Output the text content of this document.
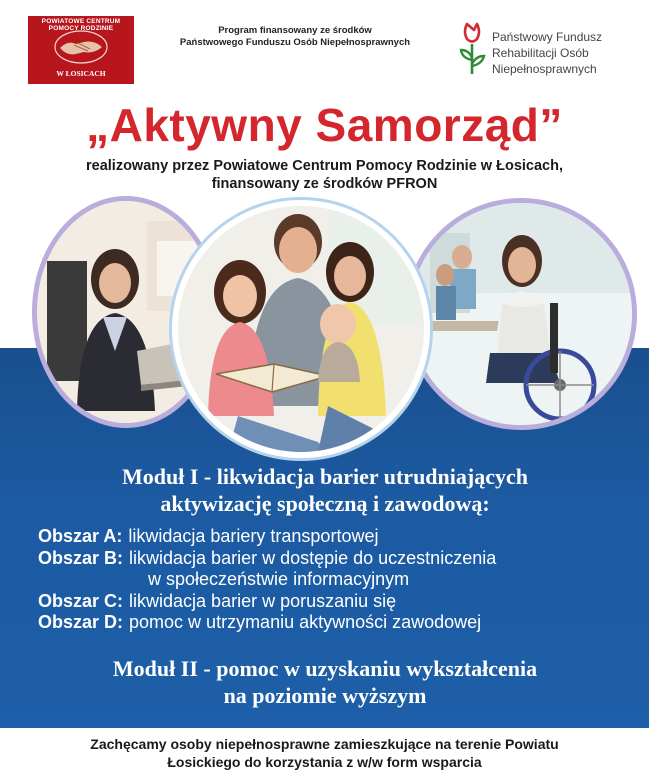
POWIATOWE CENTRUM POMOCY RODZINIE
W ŁOSICACH
Program finansowany ze środków
Państwowego Funduszu Osób Niepełnosprawnych	Państwowy Fundusz
Rehabilitacji Osób
Niepełnosprawnych
„Aktywny Samorząd”
realizowany przez Powiatowe Centrum Pomocy Rodzinie w Łosicach,
finansowany ze środków PFRON
Moduł I - likwidacja barier utrudniających
aktywizację społeczną i zawodową:
Obszar A: likwidacja bariery transportowej
Obszar B: likwidacja barier w dostępie do uczestniczenia
w społeczeństwie informacyjnym
Obszar C: likwidacja barier w poruszaniu się
Obszar D: pomoc w utrzymaniu aktywności zawodowej
Moduł II - pomoc w uzyskaniu wykształcenia
na poziomie wyższym
Zachęcamy osoby niepełnosprawne zamieszkujące na terenie Powiatu
Łosickiego do korzystania z w/w form wsparcia
